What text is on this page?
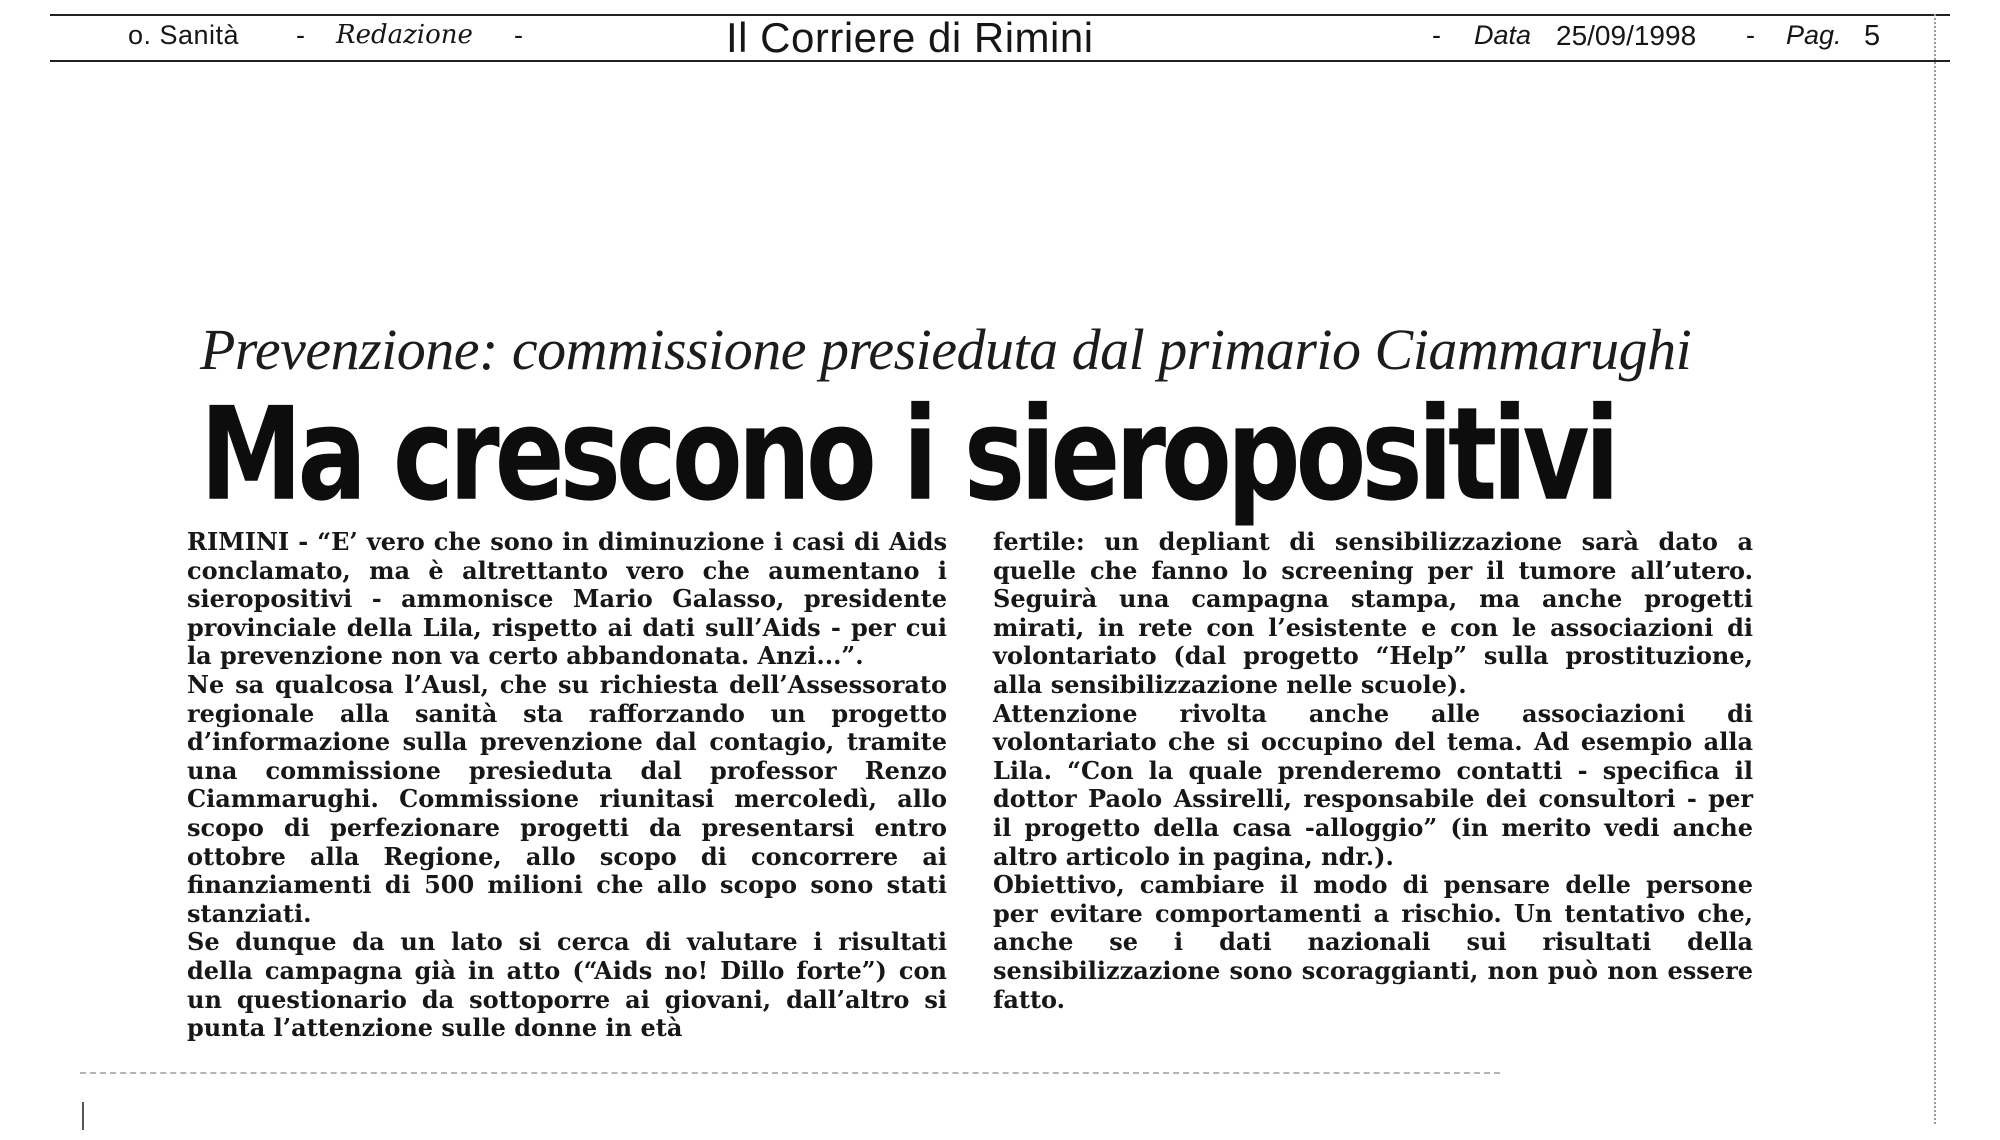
o. Sanità - Redazione -	Il Corriere di Rimini	- Data 25/09/1998 - Pag. 5
Prevenzione: commissione presieduta dal primario Ciammarughi
Ma crescono i sieropositivi

RIMINI - “E’ vero che sono in diminuzione i casi di Aids conclamato, ma è altrettanto vero che aumentano i sieropositivi - ammonisce Mario Galasso, presidente provinciale della Lila, rispetto ai dati sull’Aids - per cui la prevenzione non va certo abbandonata. Anzi...”.

Ne sa qualcosa l’Ausl, che su richiesta dell’Assessorato regionale alla sanità sta rafforzando un progetto d’informazione sulla prevenzione dal contagio, tramite una commissione presieduta dal professor Renzo Ciammarughi. Commissione riunitasi mercoledì, allo scopo di perfezionare progetti da presentarsi entro ottobre alla Regione, allo scopo di concorrere ai finanziamenti di 500 milioni che allo scopo sono stati stanziati.

Se dunque da un lato si cerca di valutare i risultati della campagna già in atto (“Aids no! Dillo forte”) con un questionario da sottoporre ai giovani, dall’altro si punta l’attenzione sulle donne in età

fertile: un depliant di sensibilizzazione sarà dato a quelle che fanno lo screening per il tumore all’utero. Seguirà una campagna stampa, ma anche progetti mirati, in rete con l’esistente e con le associazioni di volontariato (dal progetto “Help” sulla prostituzione, alla sensibilizzazione nelle scuole).

Attenzione rivolta anche alle associazioni di volontariato che si occupino del tema. Ad esempio alla Lila. “Con la quale prenderemo contatti - specifica il dottor Paolo Assirelli, responsabile dei consultori - per il progetto della casa -alloggio” (in merito vedi anche altro articolo in pagina, ndr.).

Obiettivo, cambiare il modo di pensare delle persone per evitare comportamenti a rischio. Un tentativo che, anche se i dati nazionali sui risultati della sensibilizzazione sono scoraggianti, non può non essere fatto.
